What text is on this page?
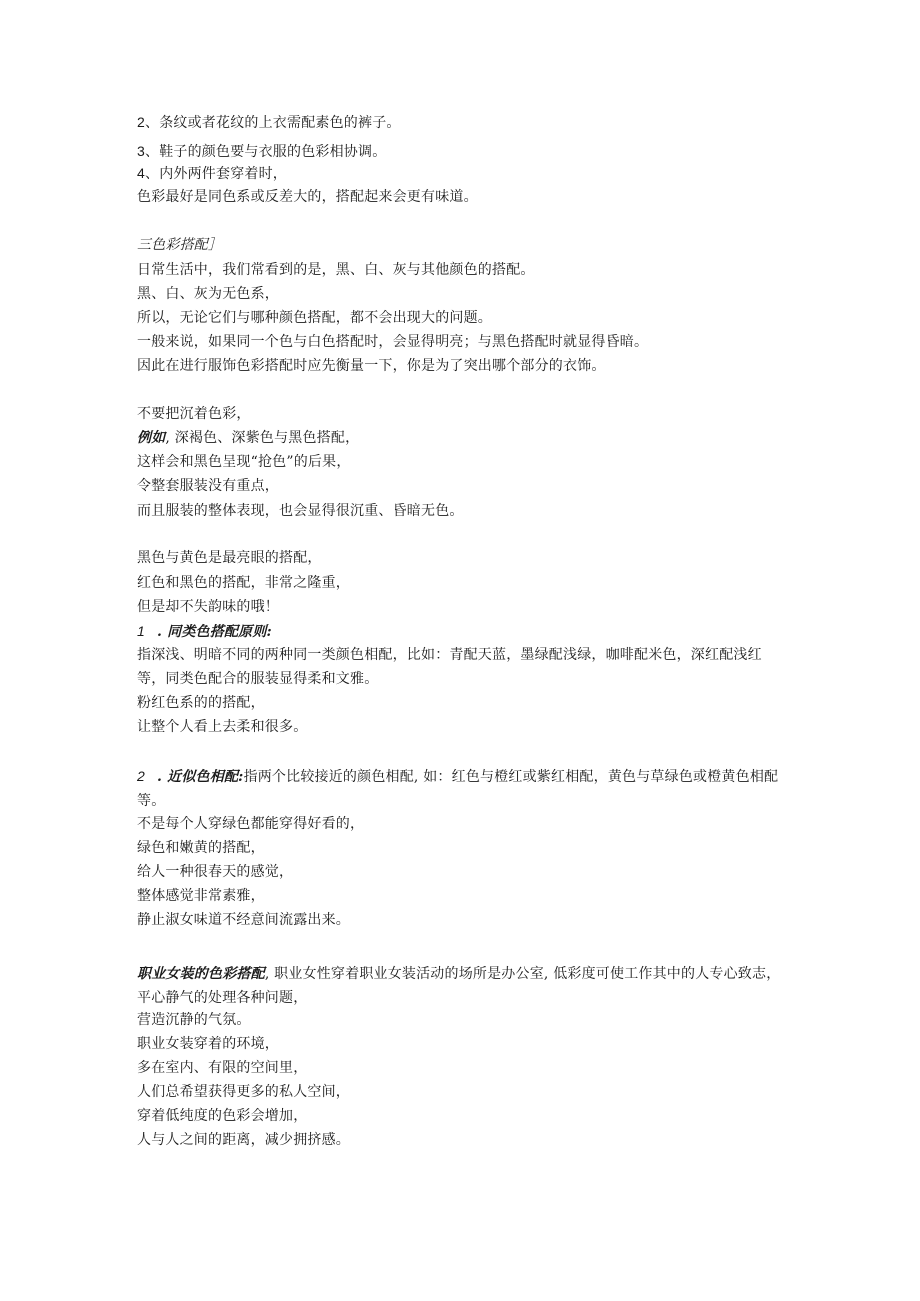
2、条纹或者花纹的上衣需配素色的裤子。
3、鞋子的颜色要与衣服的色彩相协调。
4、内外两件套穿着时，
色彩最好是同色系或反差大的，搭配起来会更有味道。
三色彩搭配］
日常生活中，我们常看到的是，黑、白、灰与其他颜色的搭配。
黑、白、灰为无色系，
所以，无论它们与哪种颜色搭配，都不会出现大的问题。
一般来说，如果同一个色与白色搭配时，会显得明亮；与黑色搭配时就显得昏暗。
因此在进行服饰色彩搭配时应先衡量一下，你是为了突出哪个部分的衣饰。
不要把沉着色彩，
例如, 深褐色、深紫色与黑色搭配，
这样会和黑色呈现“抢色”的后果，
令整套服装没有重点，
而且服装的整体表现，也会显得很沉重、昏暗无色。
黑色与黄色是最亮眼的搭配，
红色和黑色的搭配，非常之隆重，
但是却不失韵味的哦！
1 . 同类色搭配原则:
指深浅、明暗不同的两种同一类颜色相配，比如：青配天蓝，墨绿配浅绿，咖啡配米色，深红配浅红等，同类色配合的服装显得柔和文雅。
粉红色系的的搭配，
让整个人看上去柔和很多。
2 . 近似色相配:指两个比较接近的颜色相配, 如：红色与橙红或紫红相配，黄色与草绿色或橙黄色相配等。
不是每个人穿绿色都能穿得好看的，
绿色和嫩黄的搭配，
给人一种很春天的感觉，
整体感觉非常素雅，
静止淑女味道不经意间流露出来。
职业女装的色彩搭配, 职业女性穿着职业女装活动的场所是办公室, 低彩度可使工作其中的人专心致志，平心静气的处理各种问题，
营造沉静的气氛。
职业女装穿着的环境，
多在室内、有限的空间里，
人们总希望获得更多的私人空间，
穿着低纯度的色彩会增加，
人与人之间的距离，减少拥挤感。
